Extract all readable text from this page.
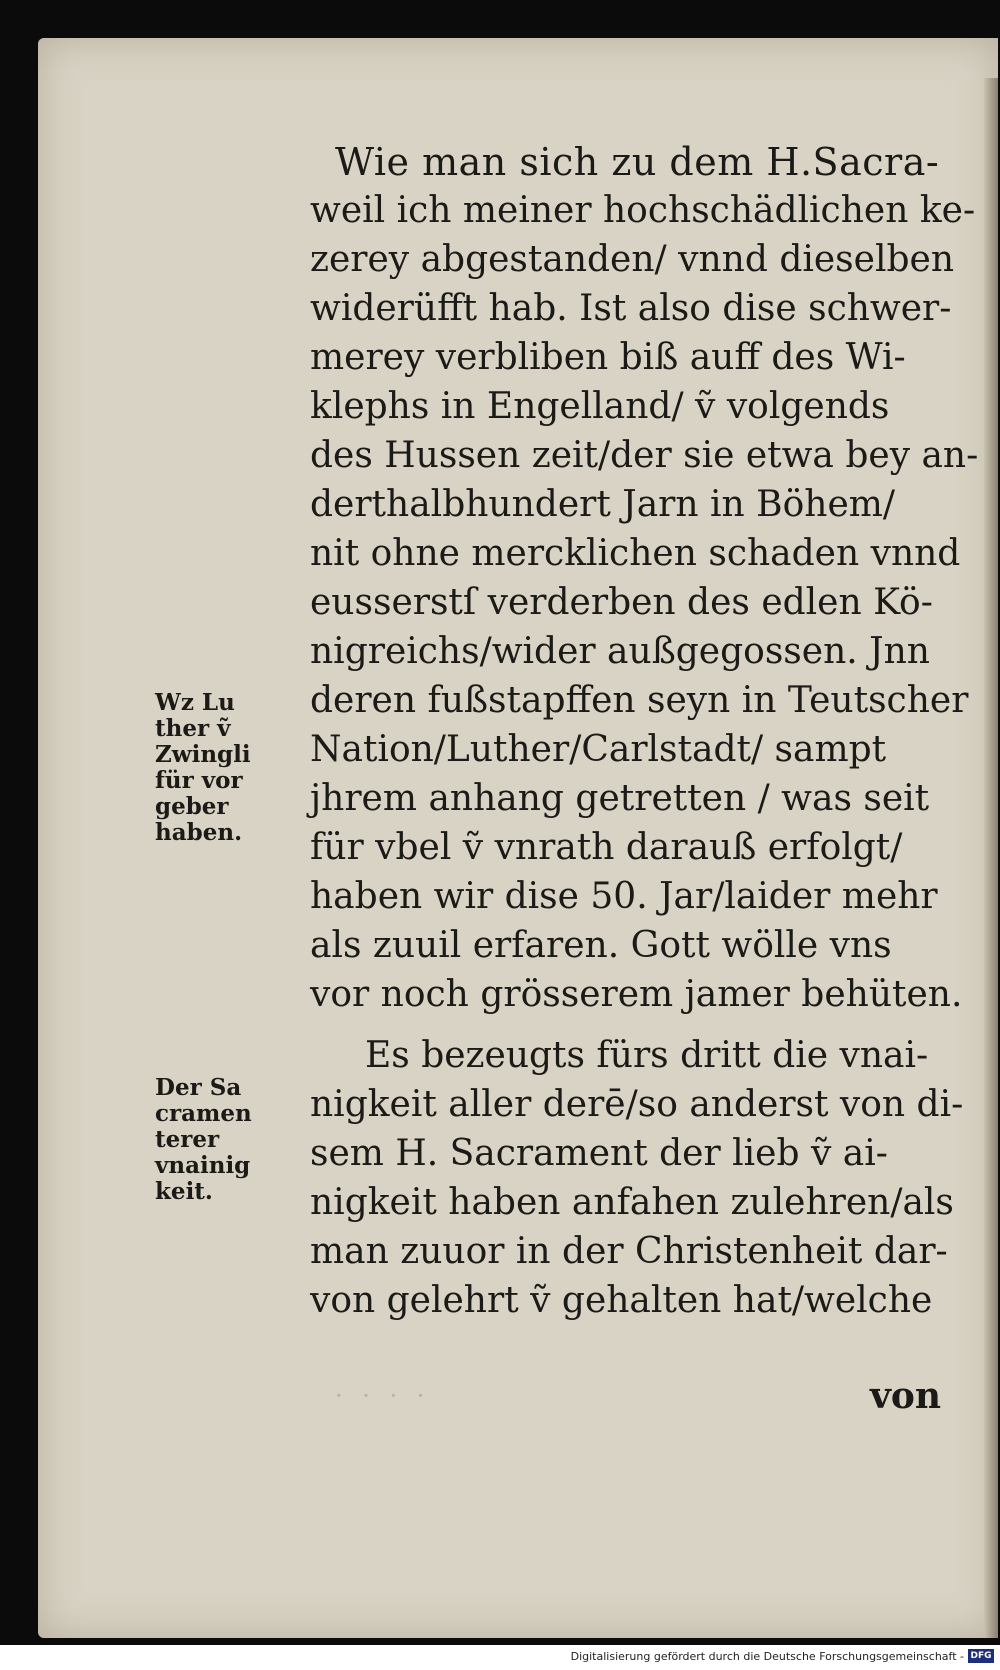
Wie man sich zu dem H.Sacra‑
weil ich meiner hochschädlichen ke-
zerey abgestanden/ vnnd dieselben
widerüfft hab. Ist also dise schwer-
merey verbliben biß auff des Wi-
klephs in Engelland/ ṽ volgends
des Hussen zeit/der sie etwa bey an-
derthalbhundert Jarn in Böhem/
nit ohne mercklichen schaden vnnd
eusserstſ verderben des edlen Kö-
nigreichs/wider außgegossen. Jnn
deren fußstapffen seyn in Teutscher
Nation/Luther/Carlstadt/ sampt
jhrem anhang getretten / was seit
für vbel ṽ vnrath darauß erfolgt/
haben wir dise 50. Jar/laider mehr
als zuuil erfaren. Gott wölle vns
vor noch grösserem jamer behüten.
Es bezeugts fürs dritt die vnai-
nigkeit aller derē/so anderst von di-
sem H. Sacrament der lieb ṽ ai-
nigkeit haben anfahen zulehren/als
man zuuor in der Christenheit dar-
von gelehrt ṽ gehalten hat/welche
Wz Lu
ther ṽ
Zwingli
für vor
geber
haben.
Der Sa
cramen
terer
vnainig
keit.
· · · ·	von
Digitalisierung gefördert durch die Deutsche Forschungsgemeinschaft - DFG
